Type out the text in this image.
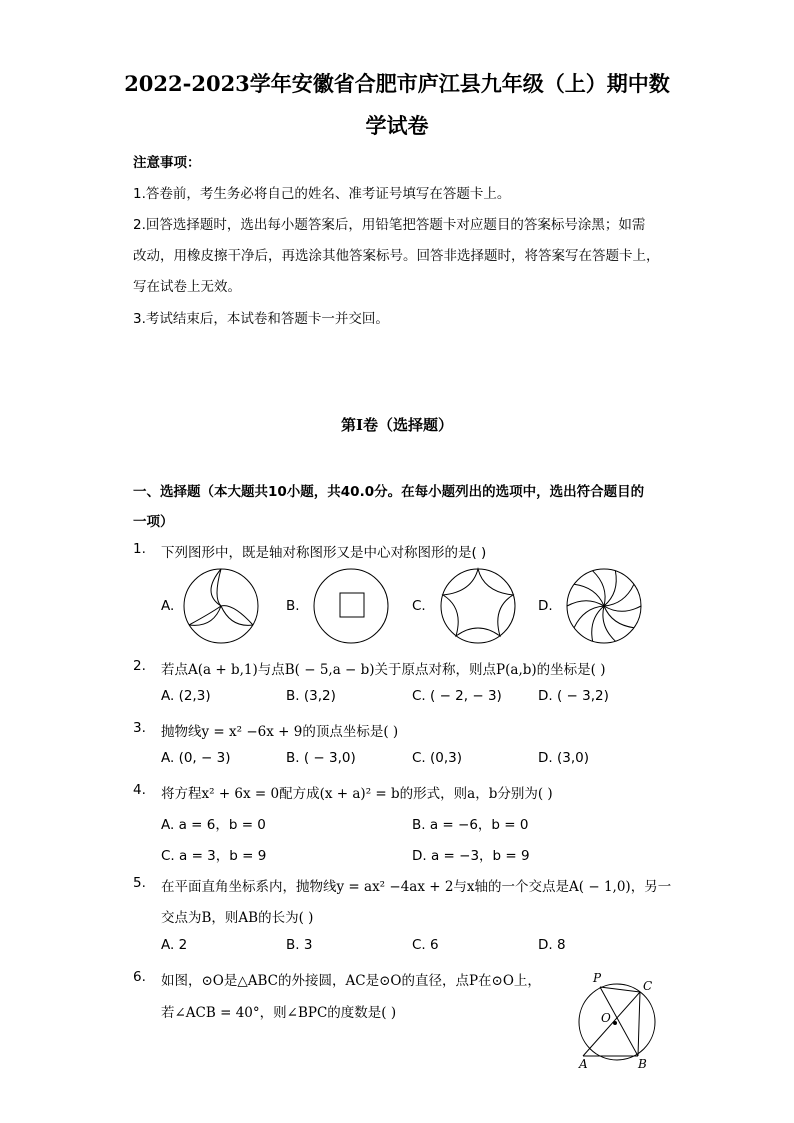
2022-2023学年安徽省合肥市庐江县九年级（上）期中数
学试卷
注意事项：
1.答卷前，考生务必将自己的姓名、准考证号填写在答题卡上。
2.回答选择题时，选出每小题答案后，用铅笔把答题卡对应题目的答案标号涂黑；如需
改动，用橡皮擦干净后，再选涂其他答案标号。回答非选择题时，将答案写在答题卡上，
写在试卷上无效。
3.考试结束后，本试卷和答题卡一并交回。
第I卷（选择题）
一、选择题（本大题共10小题，共40.0分。在每小题列出的选项中，选出符合题目的
一项）
1. 下列图形中，既是轴对称图形又是中心对称图形的是( )
A.	B.	C.	D.
2. 若点A(a + b,1)与点B( − 5,a − b)关于原点对称，则点P(a,b)的坐标是( )
A. (2,3)	B. (3,2)	C. ( − 2, − 3)	D. ( − 3,2)
3. 抛物线y = x² −6x + 9的顶点坐标是( )
A. (0, − 3)	B. ( − 3,0)	C. (0,3)	D. (3,0)
4. 将方程x² + 6x = 0配方成(x + a)² = b的形式，则a，b分别为( )
A. a = 6，b = 0	B. a = −6，b = 0
C. a = 3，b = 9	D. a = −3，b = 9
5. 在平面直角坐标系内，抛物线y = ax² −4ax + 2与x轴的一个交点是A( − 1,0)，另一
交点为B，则AB的长为( )
A. 2	B. 3	C. 6	D. 8
6. 如图，⊙O是△ABC的外接圆，AC是⊙O的直径，点P在⊙O上，
若∠ACB = 40°，则∠BPC的度数是( )
P
C
O
A	B
